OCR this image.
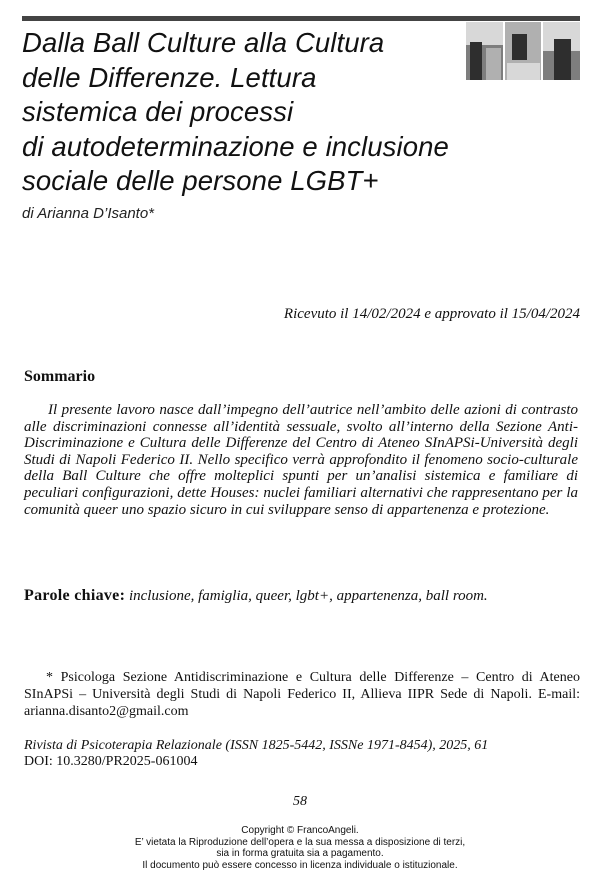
Dalla Ball Culture alla Cultura
delle Differenze. Lettura
sistemica dei processi
di autodeterminazione e inclusione
sociale delle persone LGBT+
di Arianna D’Isanto*
Ricevuto il 14/02/2024 e approvato il 15/04/2024
Sommario

Il presente lavoro nasce dall’impegno dell’autrice nell’ambito delle azioni di contrasto alle discriminazioni connesse all’identità sessuale, svolto all’interno della Sezione Anti-Discriminazione e Cultura delle Differenze del Centro di Ateneo SInAPSi-Università degli Studi di Napoli Federico II. Nello specifico verrà approfondito il fenomeno socio-culturale della Ball Culture che offre molteplici spunti per un’analisi sistemica e familiare di peculiari configurazioni, dette Houses: nuclei familiari alternativi che rappresentano per la comunità queer uno spazio sicuro in cui sviluppare senso di appartenenza e protezione.

Parole chiave: inclusione, famiglia, queer, lgbt+, appartenenza, ball room.

* Psicologa Sezione Antidiscriminazione e Cultura delle Differenze – Centro di Ateneo SInAPSi – Università degli Studi di Napoli Federico II, Allieva IIPR Sede di Napoli. E-mail: arianna.disanto2@gmail.com

Rivista di Psicoterapia Relazionale (ISSN 1825-5442, ISSNe 1971-8454), 2025, 61
DOI: 10.3280/PR2025-061004

58
Copyright © FrancoAngeli.
E’ vietata la Riproduzione dell’opera e la sua messa a disposizione di terzi,
sia in forma gratuita sia a pagamento.
Il documento può essere concesso in licenza individuale o istituzionale.
